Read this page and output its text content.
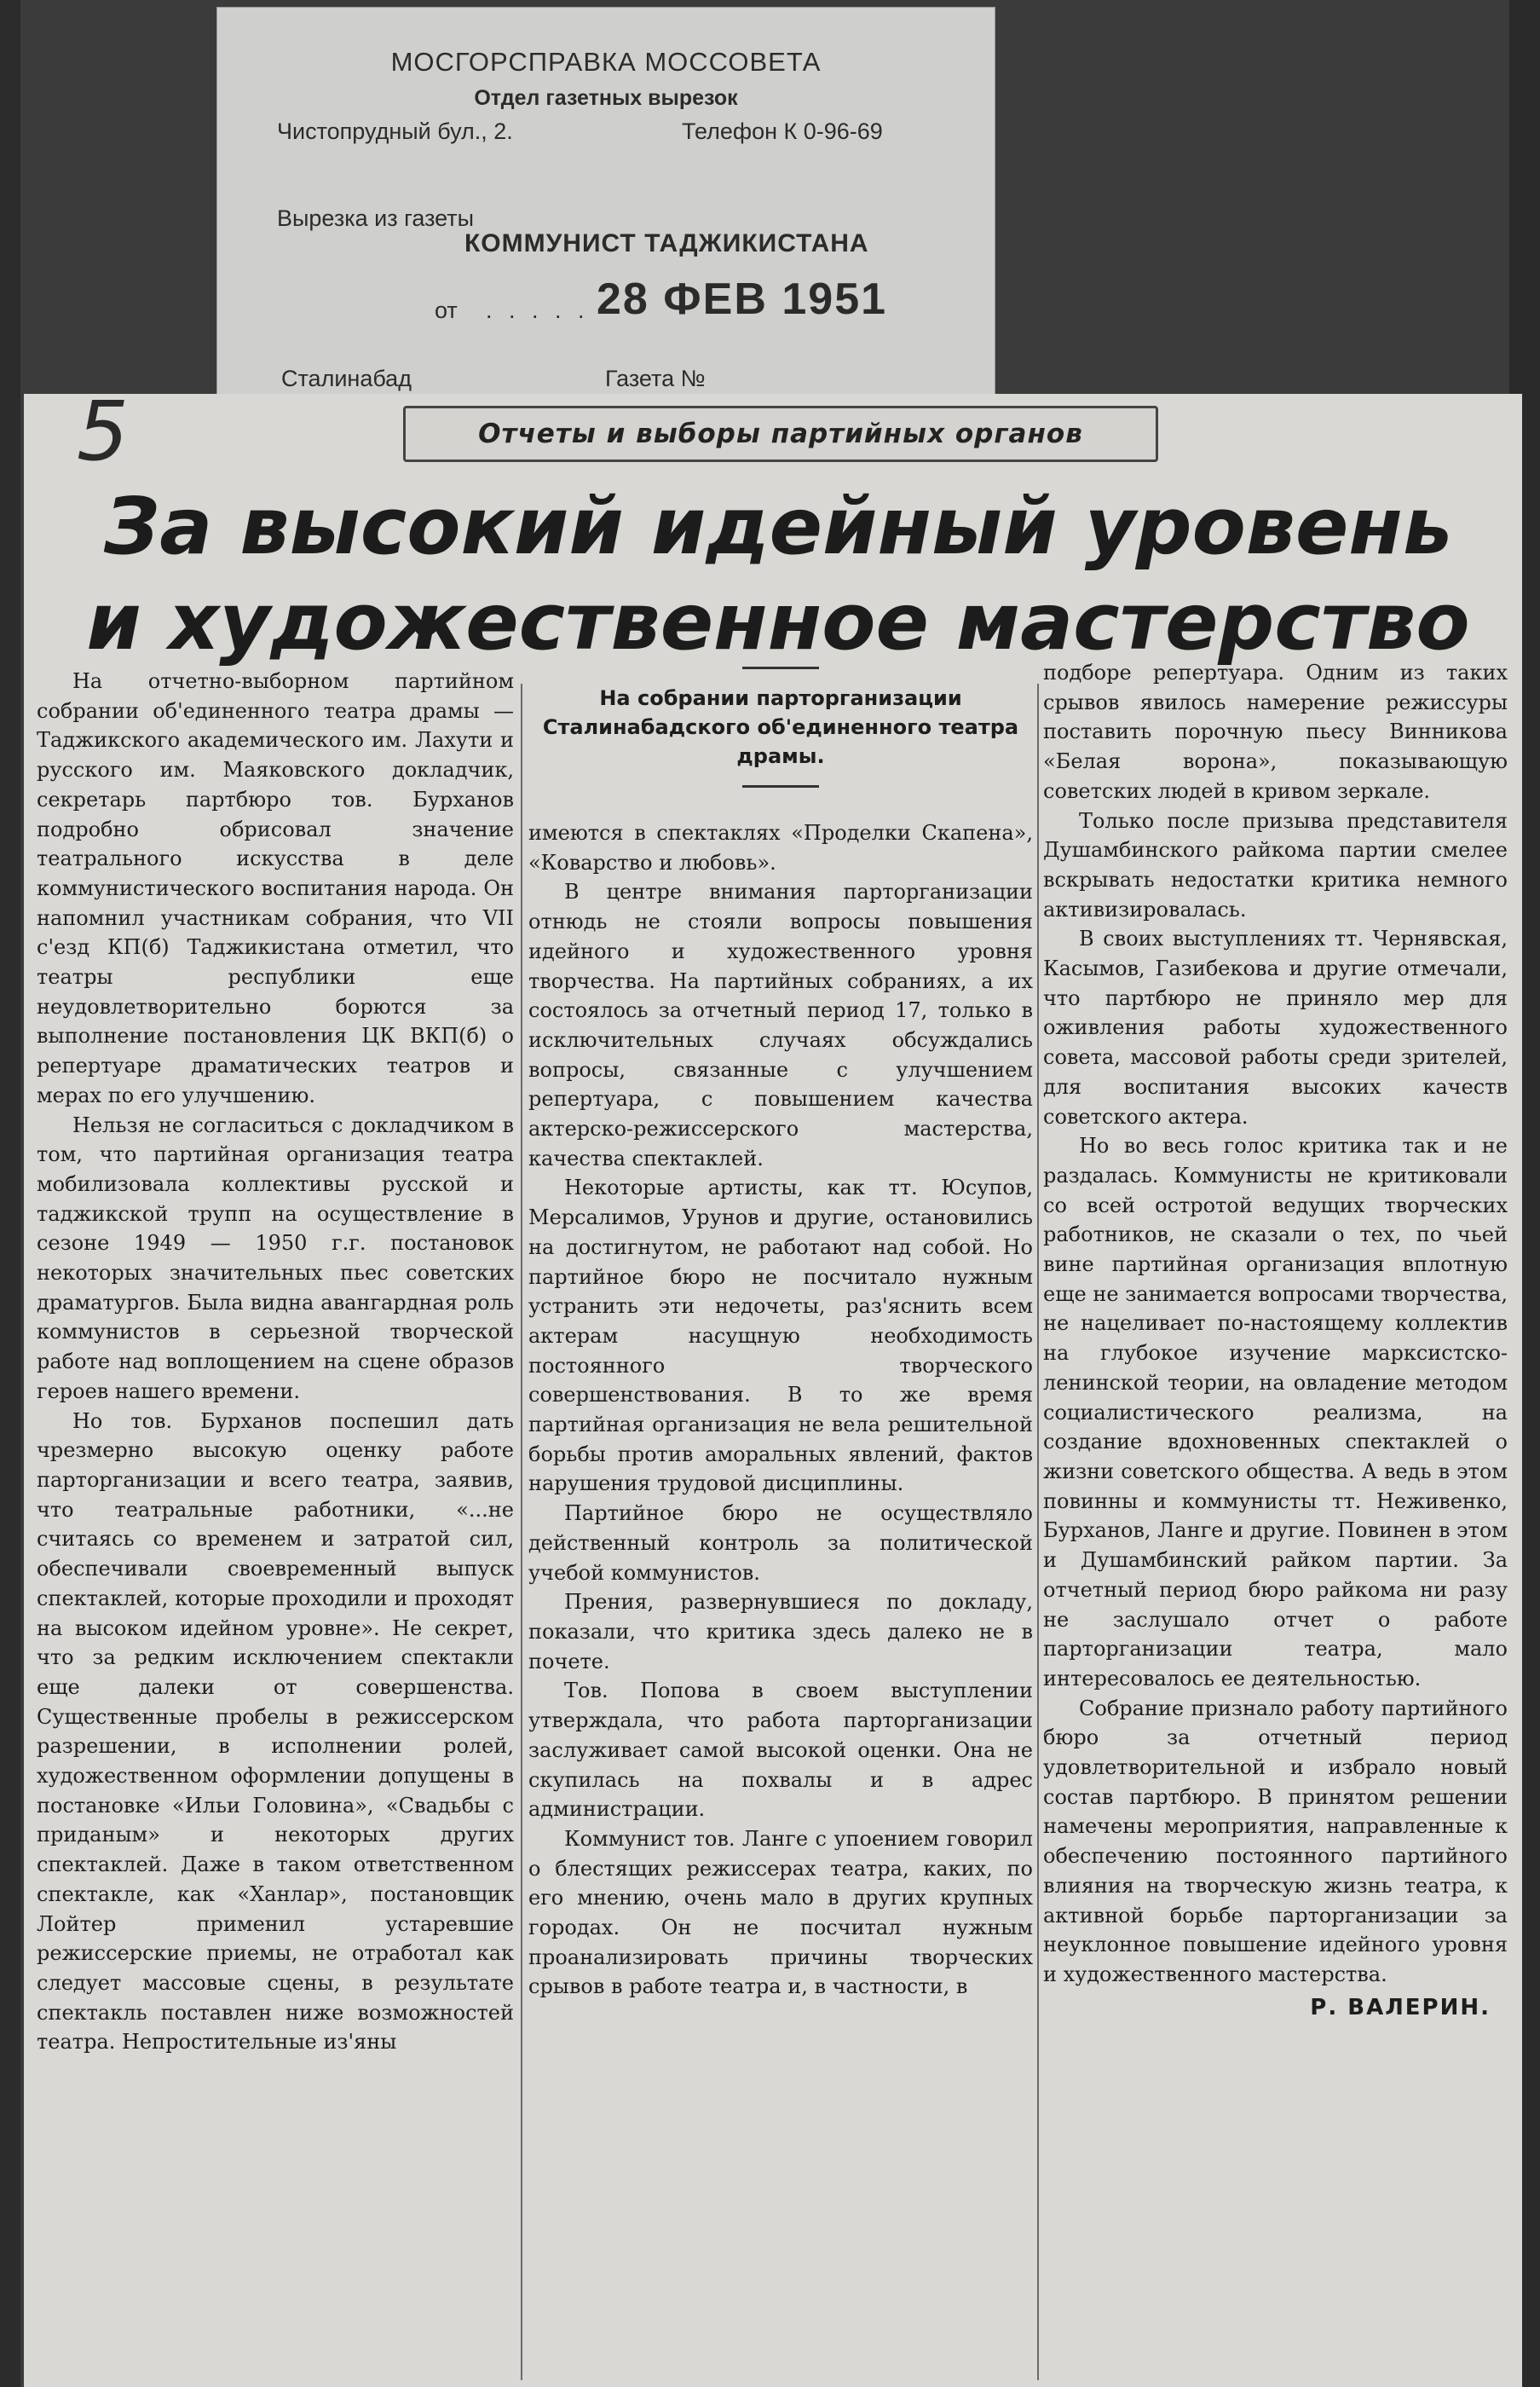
МОСГОРСПРАВКА МОССОВЕТА
Отдел газетных вырезок
Чистопрудный бул., 2.	Телефон К 0-96-69
Вырезка из газеты
КОММУНИСТ ТАДЖИКИСТАНА
от . . . . . 28 ФЕВ 1951
Сталинабад	Газета №
5	Отчеты и выборы партийных органов
За высокий идейный уровень
и художественное мастерство

На отчетно-выборном партийном собрании об'единенного театра драмы — Таджикского академического им. Лахути и русского им. Маяковского докладчик, секретарь партбюро тов. Бурханов подробно обрисовал значение театрального искусства в деле коммунистического воспитания народа. Он напомнил участникам собрания, что VII с'езд КП(б) Таджикистана отметил, что театры республики еще неудовлетворительно борются за выполнение постановления ЦК ВКП(б) о репертуаре драматических театров и мерах по его улучшению.

Нельзя не согласиться с докладчиком в том, что партийная организация театра мобилизовала коллективы русской и таджикской трупп на осуществление в сезоне 1949 — 1950 г.г. постановок некоторых значительных пьес советских драматургов. Была видна авангардная роль коммунистов в серьезной творческой работе над воплощением на сцене образов героев нашего времени.

Но тов. Бурханов поспешил дать чрезмерно высокую оценку работе парторганизации и всего театра, заявив, что театральные работники, «...не считаясь со временем и затратой сил, обеспечивали своевременный выпуск спектаклей, которые проходили и проходят на высоком идейном уровне». Не секрет, что за редким исключением спектакли еще далеки от совершенства. Существенные пробелы в режиссерском разрешении, в исполнении ролей, художественном оформлении допущены в постановке «Ильи Головина», «Свадьбы с приданым» и некоторых других спектаклей. Даже в таком ответственном спектакле, как «Ханлар», постановщик Лойтер применил устаревшие режиссерские приемы, не отработал как следует массовые сцены, в результате спектакль поставлен ниже возможностей театра. Непростительные из'яны

На собрании парторганизации Сталинабадского об'единенного театра драмы.

имеются в спектаклях «Проделки Скапена», «Коварство и любовь».

В центре внимания парторганизации отнюдь не стояли вопросы повышения идейного и художественного уровня творчества. На партийных собраниях, а их состоялось за отчетный период 17, только в исключительных случаях обсуждались вопросы, связанные с улучшением репертуара, с повышением качества актерско-режиссерского мастерства, качества спектаклей.

Некоторые артисты, как тт. Юсупов, Мерсалимов, Урунов и другие, остановились на достигнутом, не работают над собой. Но партийное бюро не посчитало нужным устранить эти недочеты, раз'яснить всем актерам насущную необходимость постоянного творческого совершенствования. В то же время партийная организация не вела решительной борьбы против аморальных явлений, фактов нарушения трудовой дисциплины.

Партийное бюро не осуществляло действенный контроль за политической учебой коммунистов.

Прения, развернувшиеся по докладу, показали, что критика здесь далеко не в почете.

Тов. Попова в своем выступлении утверждала, что работа парторганизации заслуживает самой высокой оценки. Она не скупилась на похвалы и в адрес администрации.

Коммунист тов. Ланге с упоением говорил о блестящих режиссерах театра, каких, по его мнению, очень мало в других крупных городах. Он не посчитал нужным проанализировать причины творческих срывов в работе театра и, в частности, в

подборе репертуара. Одним из таких срывов явилось намерение режиссуры поставить порочную пьесу Винникова «Белая ворона», показывающую советских людей в кривом зеркале.

Только после призыва представителя Душамбинского райкома партии смелее вскрывать недостатки критика немного активизировалась.

В своих выступлениях тт. Чернявская, Касымов, Газибекова и другие отмечали, что партбюро не приняло мер для оживления работы художественного совета, массовой работы среди зрителей, для воспитания высоких качеств советского актера.

Но во весь голос критика так и не раздалась. Коммунисты не критиковали со всей остротой ведущих творческих работников, не сказали о тех, по чьей вине партийная организация вплотную еще не занимается вопросами творчества, не нацеливает по-настоящему коллектив на глубокое изучение марксистско-ленинской теории, на овладение методом социалистического реализма, на создание вдохновенных спектаклей о жизни советского общества. А ведь в этом повинны и коммунисты тт. Неживенко, Бурханов, Ланге и другие. Повинен в этом и Душамбинский райком партии. За отчетный период бюро райкома ни разу не заслушало отчет о работе парторганизации театра, мало интересовалось ее деятельностью.

Собрание признало работу партийного бюро за отчетный период удовлетворительной и избрало новый состав партбюро. В принятом решении намечены мероприятия, направленные к обеспечению постоянного партийного влияния на творческую жизнь театра, к активной борьбе парторганизации за неуклонное повышение идейного уровня и художественного мастерства.

Р. ВАЛЕРИН.
